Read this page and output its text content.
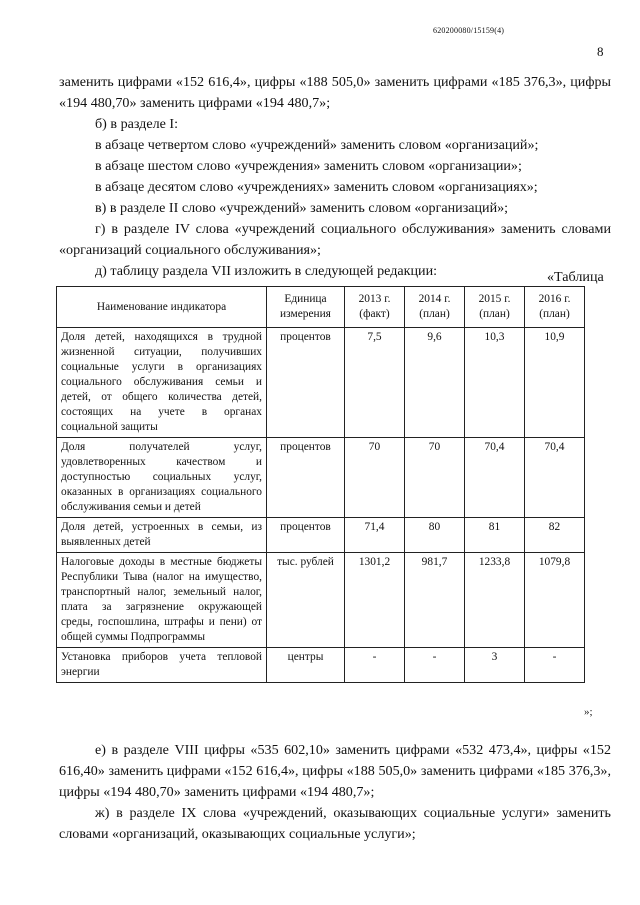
620200080/15159(4)
8

заменить цифрами «152 616,4», цифры «188 505,0» заменить цифрами «185 376,3», цифры «194 480,70» заменить цифрами «194 480,7»;

б) в разделе I:

в абзаце четвертом слово «учреждений» заменить словом «организаций»;

в абзаце шестом слово «учреждения» заменить словом «организации»;

в абзаце десятом слово «учреждениях» заменить словом «организациях»;

в) в разделе II слово «учреждений» заменить словом «организаций»;

г) в разделе IV слова «учреждений социального обслуживания» заменить словами «организаций социального обслуживания»;

д) таблицу раздела VII изложить в следующей редакции:	«Таблица
Наименование индикатора	Единица измерения	2013 г. (факт)	2014 г. (план)	2015 г. (план)	2016 г. (план)
Доля детей, находящихся в трудной жизненной ситуации, получивших социальные услуги в организациях социального обслуживания семьи и детей, от общего количества детей, состоящих на учете в органах социальной защиты	процентов	7,5	9,6	10,3	10,9
Доля получателей услуг, удовлетворенных качеством и доступностью социальных услуг, оказанных в организациях социального обслуживания семьи и детей	процентов	70	70	70,4	70,4
Доля детей, устроенных в семьи, из выявленных детей	процентов	71,4	80	81	82
Налоговые доходы в местные бюджеты Республики Тыва (налог на имущество, транспортный налог, земельный налог, плата за загрязнение окружающей среды, госпошлина, штрафы и пени) от общей суммы Подпрограммы	тыс. рублей	1301,2	981,7	1233,8	1079,8
Установка приборов учета тепловой энергии	центры	-	-	3	-
»;

е) в разделе VIII цифры «535 602,10» заменить цифрами «532 473,4», цифры «152 616,40» заменить цифрами «152 616,4», цифры «188 505,0» заменить цифрами «185 376,3», цифры «194 480,70» заменить цифрами «194 480,7»;

ж) в разделе IX слова «учреждений, оказывающих социальные услуги» заменить словами «организаций, оказывающих социальные услуги»;
